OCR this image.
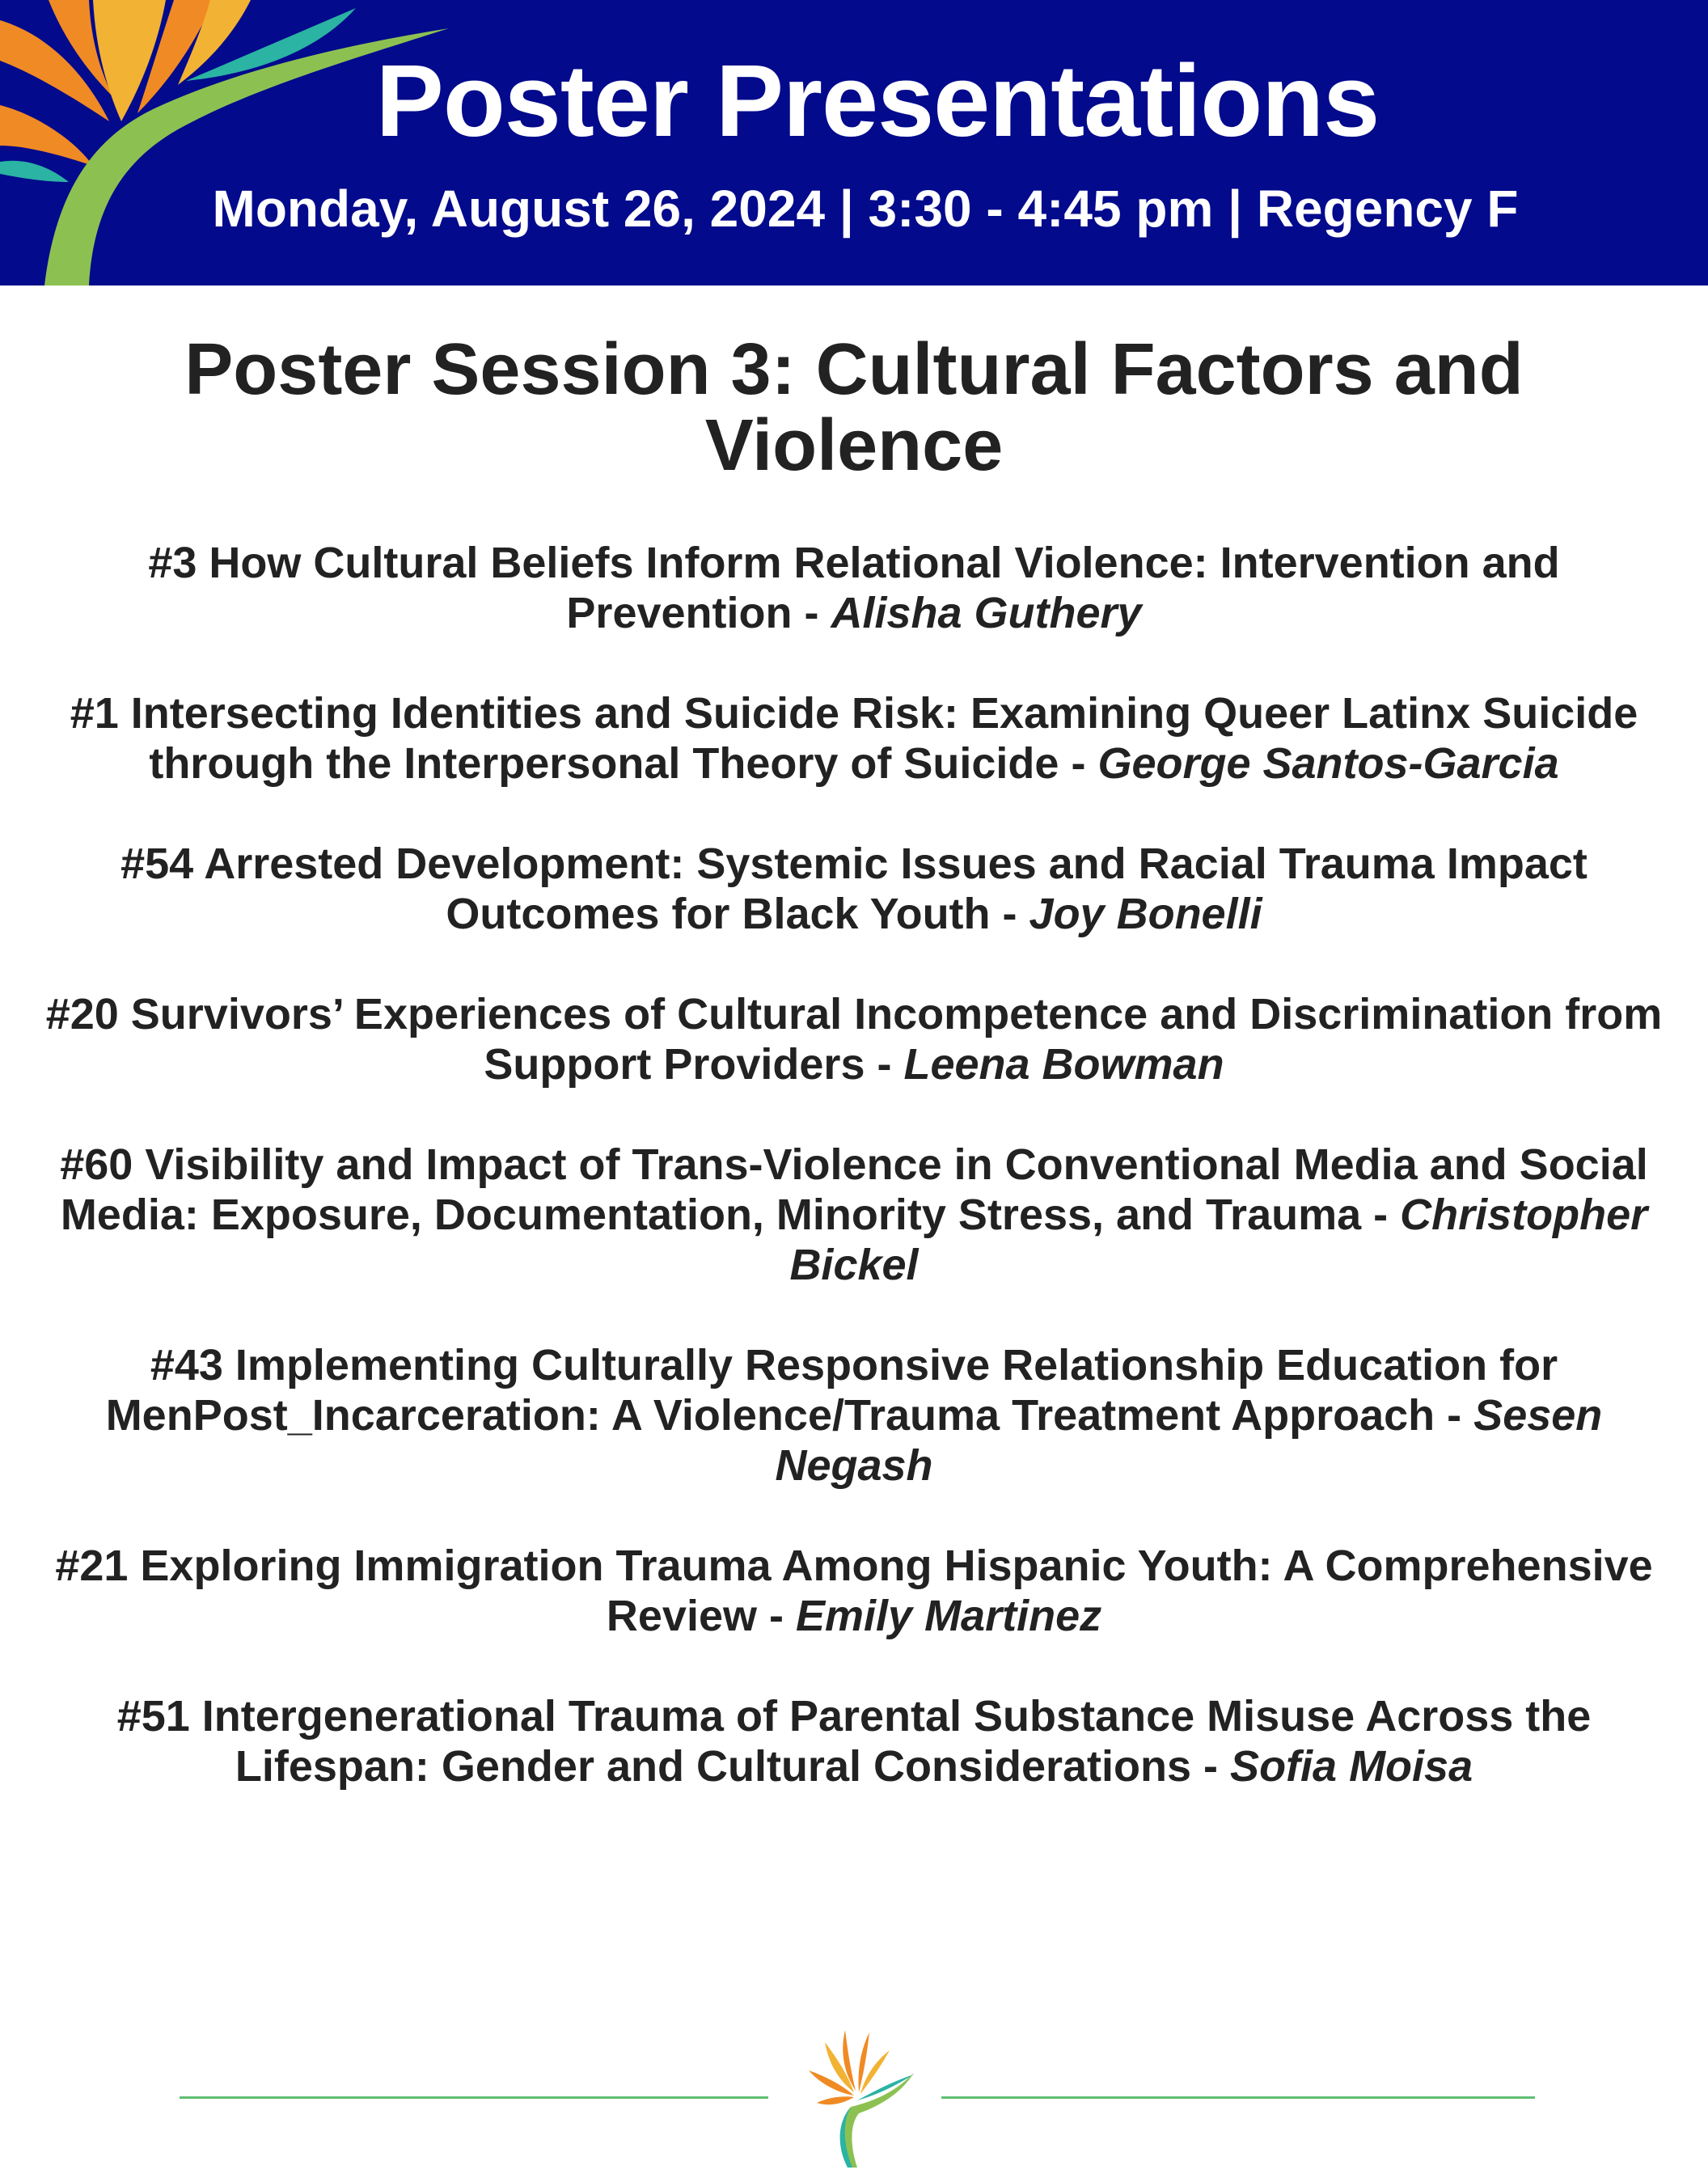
Poster Presentations
Monday, August 26, 2024 | 3:30 - 4:45 pm | Regency F
Poster Session 3: Cultural Factors and Violence
#3 How Cultural Beliefs Inform Relational Violence: Intervention and Prevention - Alisha Guthery
#1 Intersecting Identities and Suicide Risk: Examining Queer Latinx Suicide through the Interpersonal Theory of Suicide - George Santos-Garcia
#54 Arrested Development: Systemic Issues and Racial Trauma Impact Outcomes for Black Youth - Joy Bonelli
#20 Survivors’ Experiences of Cultural Incompetence and Discrimination from Support Providers - Leena Bowman
#60 Visibility and Impact of Trans-Violence in Conventional Media and Social Media: Exposure, Documentation, Minority Stress, and Trauma - Christopher Bickel
#43 Implementing Culturally Responsive Relationship Education for MenPost_Incarceration: A Violence/Trauma Treatment Approach - Sesen Negash
#21 Exploring Immigration Trauma Among Hispanic Youth: A Comprehensive Review - Emily Martinez
#51 Intergenerational Trauma of Parental Substance Misuse Across the Lifespan: Gender and Cultural Considerations - Sofia Moisa
